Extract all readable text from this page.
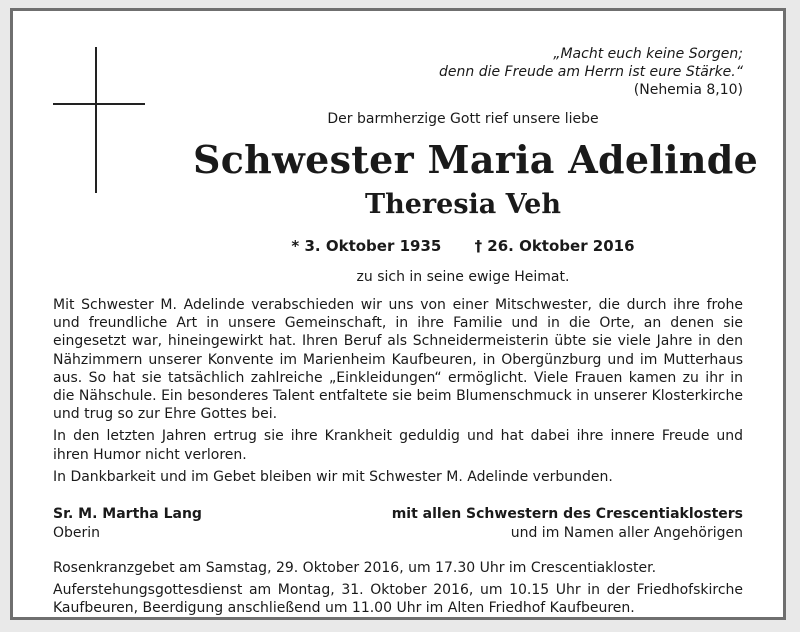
„Macht euch keine Sorgen;
denn die Freude am Herrn ist eure Stärke.“
(Nehemia 8,10)
Der barmherzige Gott rief unsere liebe
Schwester Maria Adelinde
Theresia Veh
* 3. Oktober 1935 † 26. Oktober 2016
zu sich in seine ewige Heimat.

Mit Schwester M. Adelinde verabschieden wir uns von einer Mitschwester, die durch ihre frohe und freundliche Art in unsere Gemeinschaft, in ihre Familie und in die Orte, an denen sie eingesetzt war, hineingewirkt hat. Ihren Beruf als Schneidermeisterin übte sie viele Jahre in den Nähzimmern unserer Konvente im Marienheim Kaufbeuren, in Obergünzburg und im Mutterhaus aus. So hat sie tatsächlich zahlreiche „Einkleidungen“ ermöglicht. Viele Frauen kamen zu ihr in die Nähschule. Ein besonderes Talent entfaltete sie beim Blumenschmuck in unserer Klosterkirche und trug so zur Ehre Gottes bei.

In den letzten Jahren ertrug sie ihre Krankheit geduldig und hat dabei ihre innere Freude und ihren Humor nicht verloren.

In Dankbarkeit und im Gebet bleiben wir mit Schwester M. Adelinde verbunden.

Sr. M. Martha Lang
Oberin
mit allen Schwestern des Crescentiaklosters
und im Namen aller Angehörigen

Rosenkranzgebet am Samstag, 29. Oktober 2016, um 17.30 Uhr im Crescentiakloster.

Auferstehungsgottesdienst am Montag, 31. Oktober 2016, um 10.15 Uhr in der Friedhofskirche Kaufbeuren, Beerdigung anschließend um 11.00 Uhr im Alten Friedhof Kaufbeuren.
